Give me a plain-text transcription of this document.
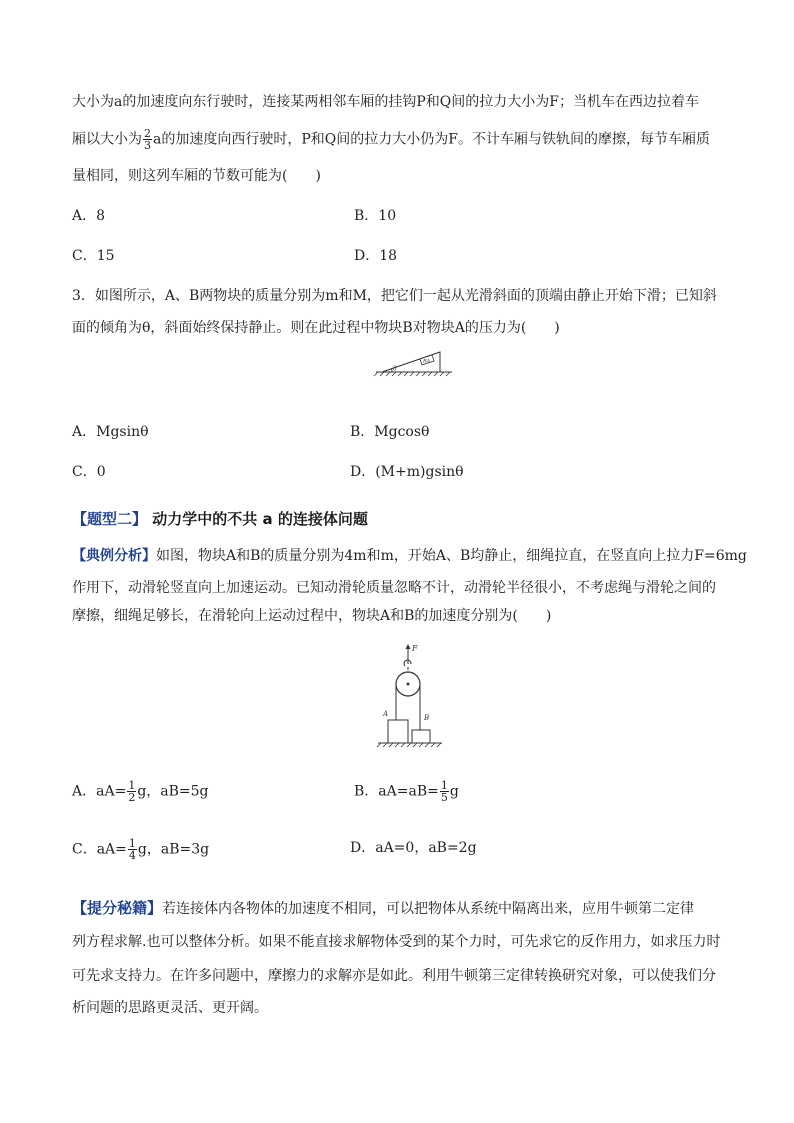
大小为a的加速度向东行驶时，连接某两相邻车厢的挂钩P和Q间的拉力大小为F；当机车在西边拉着车
厢以大小为 $\frac{2}{3}$ a的加速度向西行驶时，P和Q间的拉力大小仍为F。不计车厢与铁轨间的摩擦，每节车厢质
量相同，则这列车厢的节数可能为(　　)
A．8	B．10
C．15	D．18
3．如图所示，A、B两物块的质量分别为m和M，把它们一起从光滑斜面的顶端由静止开始下滑；已知斜
面的倾角为θ，斜面始终保持静止。则在此过程中物块B对物块A的压力为(　　)
BA
θ
A．Mgsinθ	B．Mgcosθ
C．0	D．(M+m)gsinθ
【题型二】 动力学中的不共 a 的连接体问题
【典例分析】如图，物块A和B的质量分别为4m和m，开始A、B均静止，细绳拉直，在竖直向上拉力F=6mg
作用下，动滑轮竖直向上加速运动。已知动滑轮质量忽略不计，动滑轮半径很小，不考虑绳与滑轮之间的
摩擦，细绳足够长，在滑轮向上运动过程中，物块A和B的加速度分别为(　　)
F
A	B
A．$aA= \frac{1}{2}$ g，aB=5g	B．$aA=aB= \frac{1}{5}$ g
C．$aA= \frac{1}{4}$ g，aB=3g	D．aA=0，aB=2g
【提分秘籍】若连接体内各物体的加速度不相同，可以把物体从系统中隔离出来，应用牛顿第二定律
列方程求解.也可以整体分析。如果不能直接求解物体受到的某个力时，可先求它的反作用力，如求压力时
可先求支持力。在许多问题中，摩擦力的求解亦是如此。利用牛顿第三定律转换研究对象，可以使我们分
析问题的思路更灵活、更开阔。
